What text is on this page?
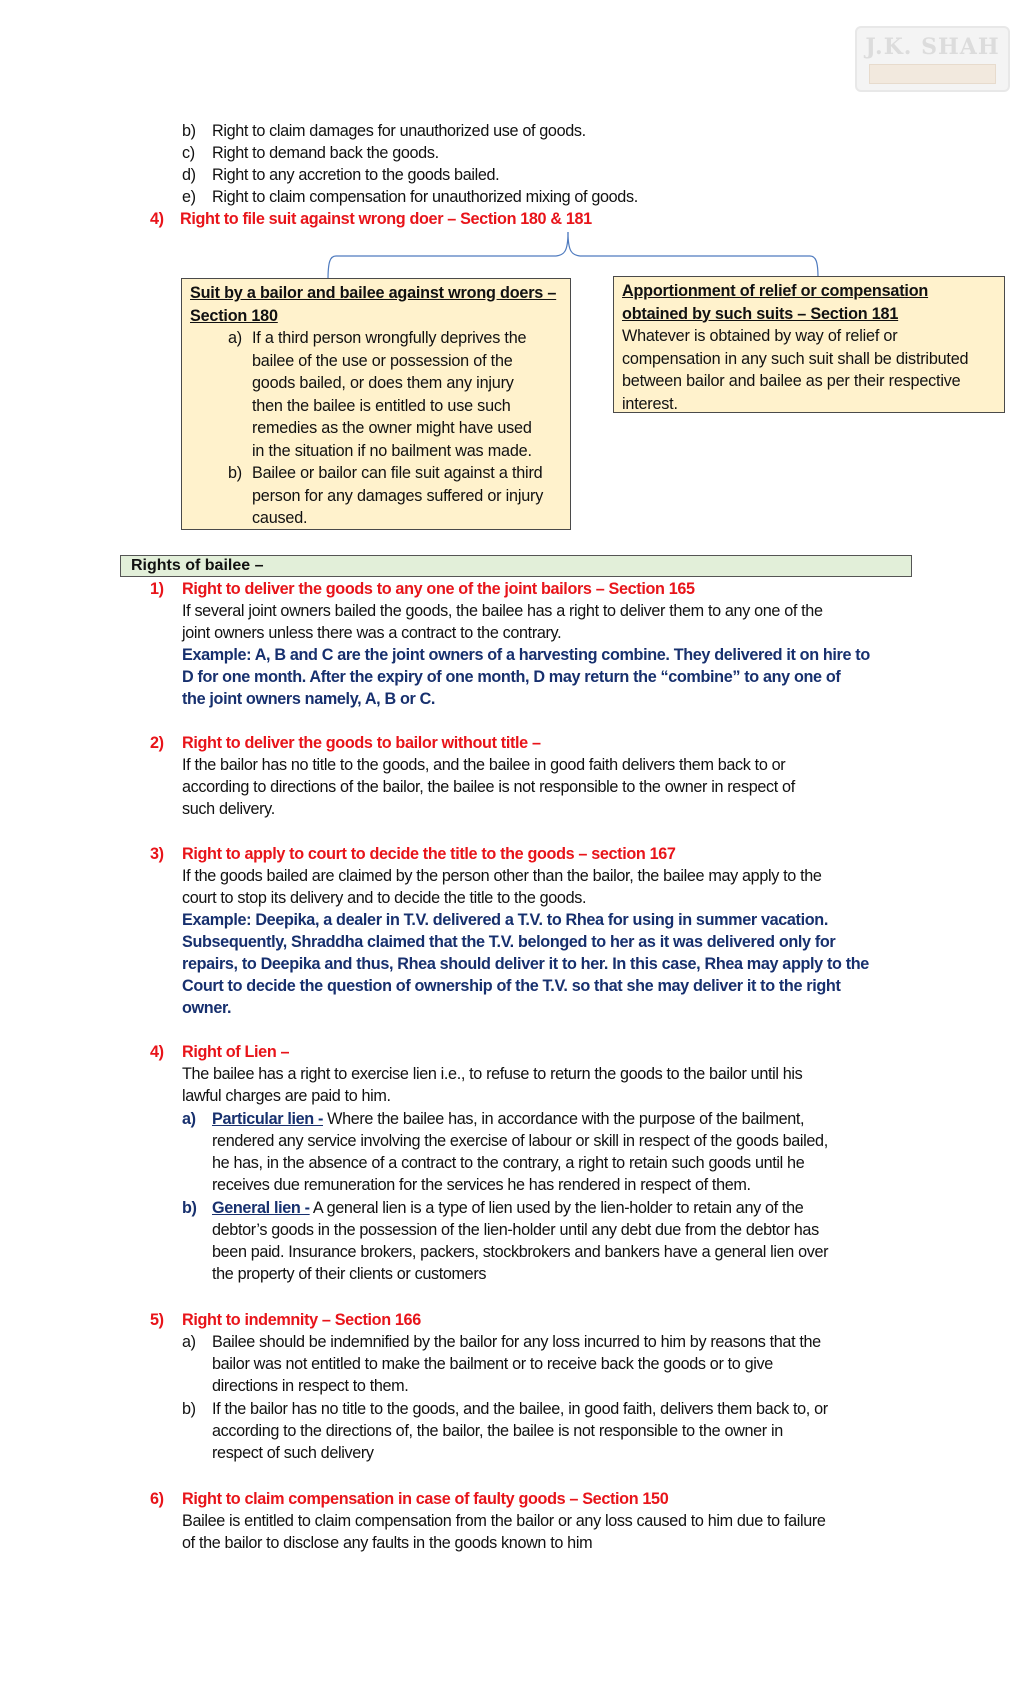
J.K. SHAH
b) Right to claim damages for unauthorized use of goods.
c) Right to demand back the goods.
d) Right to any accretion to the goods bailed.
e) Right to claim compensation for unauthorized mixing of goods.
4) Right to file suit against wrong doer – Section 180 & 181
Suit by a bailor and bailee against wrong doers –
Section 180
a) If a third person wrongfully deprives the
bailee of the use or possession of the
goods bailed, or does them any injury
then the bailee is entitled to use such
remedies as the owner might have used
in the situation if no bailment was made.
b) Bailee or bailor can file suit against a third
person for any damages suffered or injury
caused.
Apportionment of relief or compensation
obtained by such suits – Section 181
Whatever is obtained by way of relief or
compensation in any such suit shall be distributed
between bailor and bailee as per their respective
interest.
Rights of bailee –
1) Right to deliver the goods to any one of the joint bailors – Section 165
If several joint owners bailed the goods, the bailee has a right to deliver them to any one of the
joint owners unless there was a contract to the contrary.
Example: A, B and C are the joint owners of a harvesting combine. They delivered it on hire to
D for one month. After the expiry of one month, D may return the “combine” to any one of
the joint owners namely, A, B or C.
2) Right to deliver the goods to bailor without title –
If the bailor has no title to the goods, and the bailee in good faith delivers them back to or
according to directions of the bailor, the bailee is not responsible to the owner in respect of
such delivery.
3) Right to apply to court to decide the title to the goods – section 167
If the goods bailed are claimed by the person other than the bailor, the bailee may apply to the
court to stop its delivery and to decide the title to the goods.
Example: Deepika, a dealer in T.V. delivered a T.V. to Rhea for using in summer vacation.
Subsequently, Shraddha claimed that the T.V. belonged to her as it was delivered only for
repairs, to Deepika and thus, Rhea should deliver it to her. In this case, Rhea may apply to the
Court to decide the question of ownership of the T.V. so that she may deliver it to the right
owner.
4) Right of Lien –
The bailee has a right to exercise lien i.e., to refuse to return the goods to the bailor until his
lawful charges are paid to him.
a) Particular lien - Where the bailee has, in accordance with the purpose of the bailment,
rendered any service involving the exercise of labour or skill in respect of the goods bailed,
he has, in the absence of a contract to the contrary, a right to retain such goods until he
receives due remuneration for the services he has rendered in respect of them.
b) General lien - A general lien is a type of lien used by the lien-holder to retain any of the
debtor’s goods in the possession of the lien-holder until any debt due from the debtor has
been paid. Insurance brokers, packers, stockbrokers and bankers have a general lien over
the property of their clients or customers
5) Right to indemnity – Section 166
a) Bailee should be indemnified by the bailor for any loss incurred to him by reasons that the
bailor was not entitled to make the bailment or to receive back the goods or to give
directions in respect to them.
b) If the bailor has no title to the goods, and the bailee, in good faith, delivers them back to, or
according to the directions of, the bailor, the bailee is not responsible to the owner in
respect of such delivery
6) Right to claim compensation in case of faulty goods – Section 150
Bailee is entitled to claim compensation from the bailor or any loss caused to him due to failure
of the bailor to disclose any faults in the goods known to him
